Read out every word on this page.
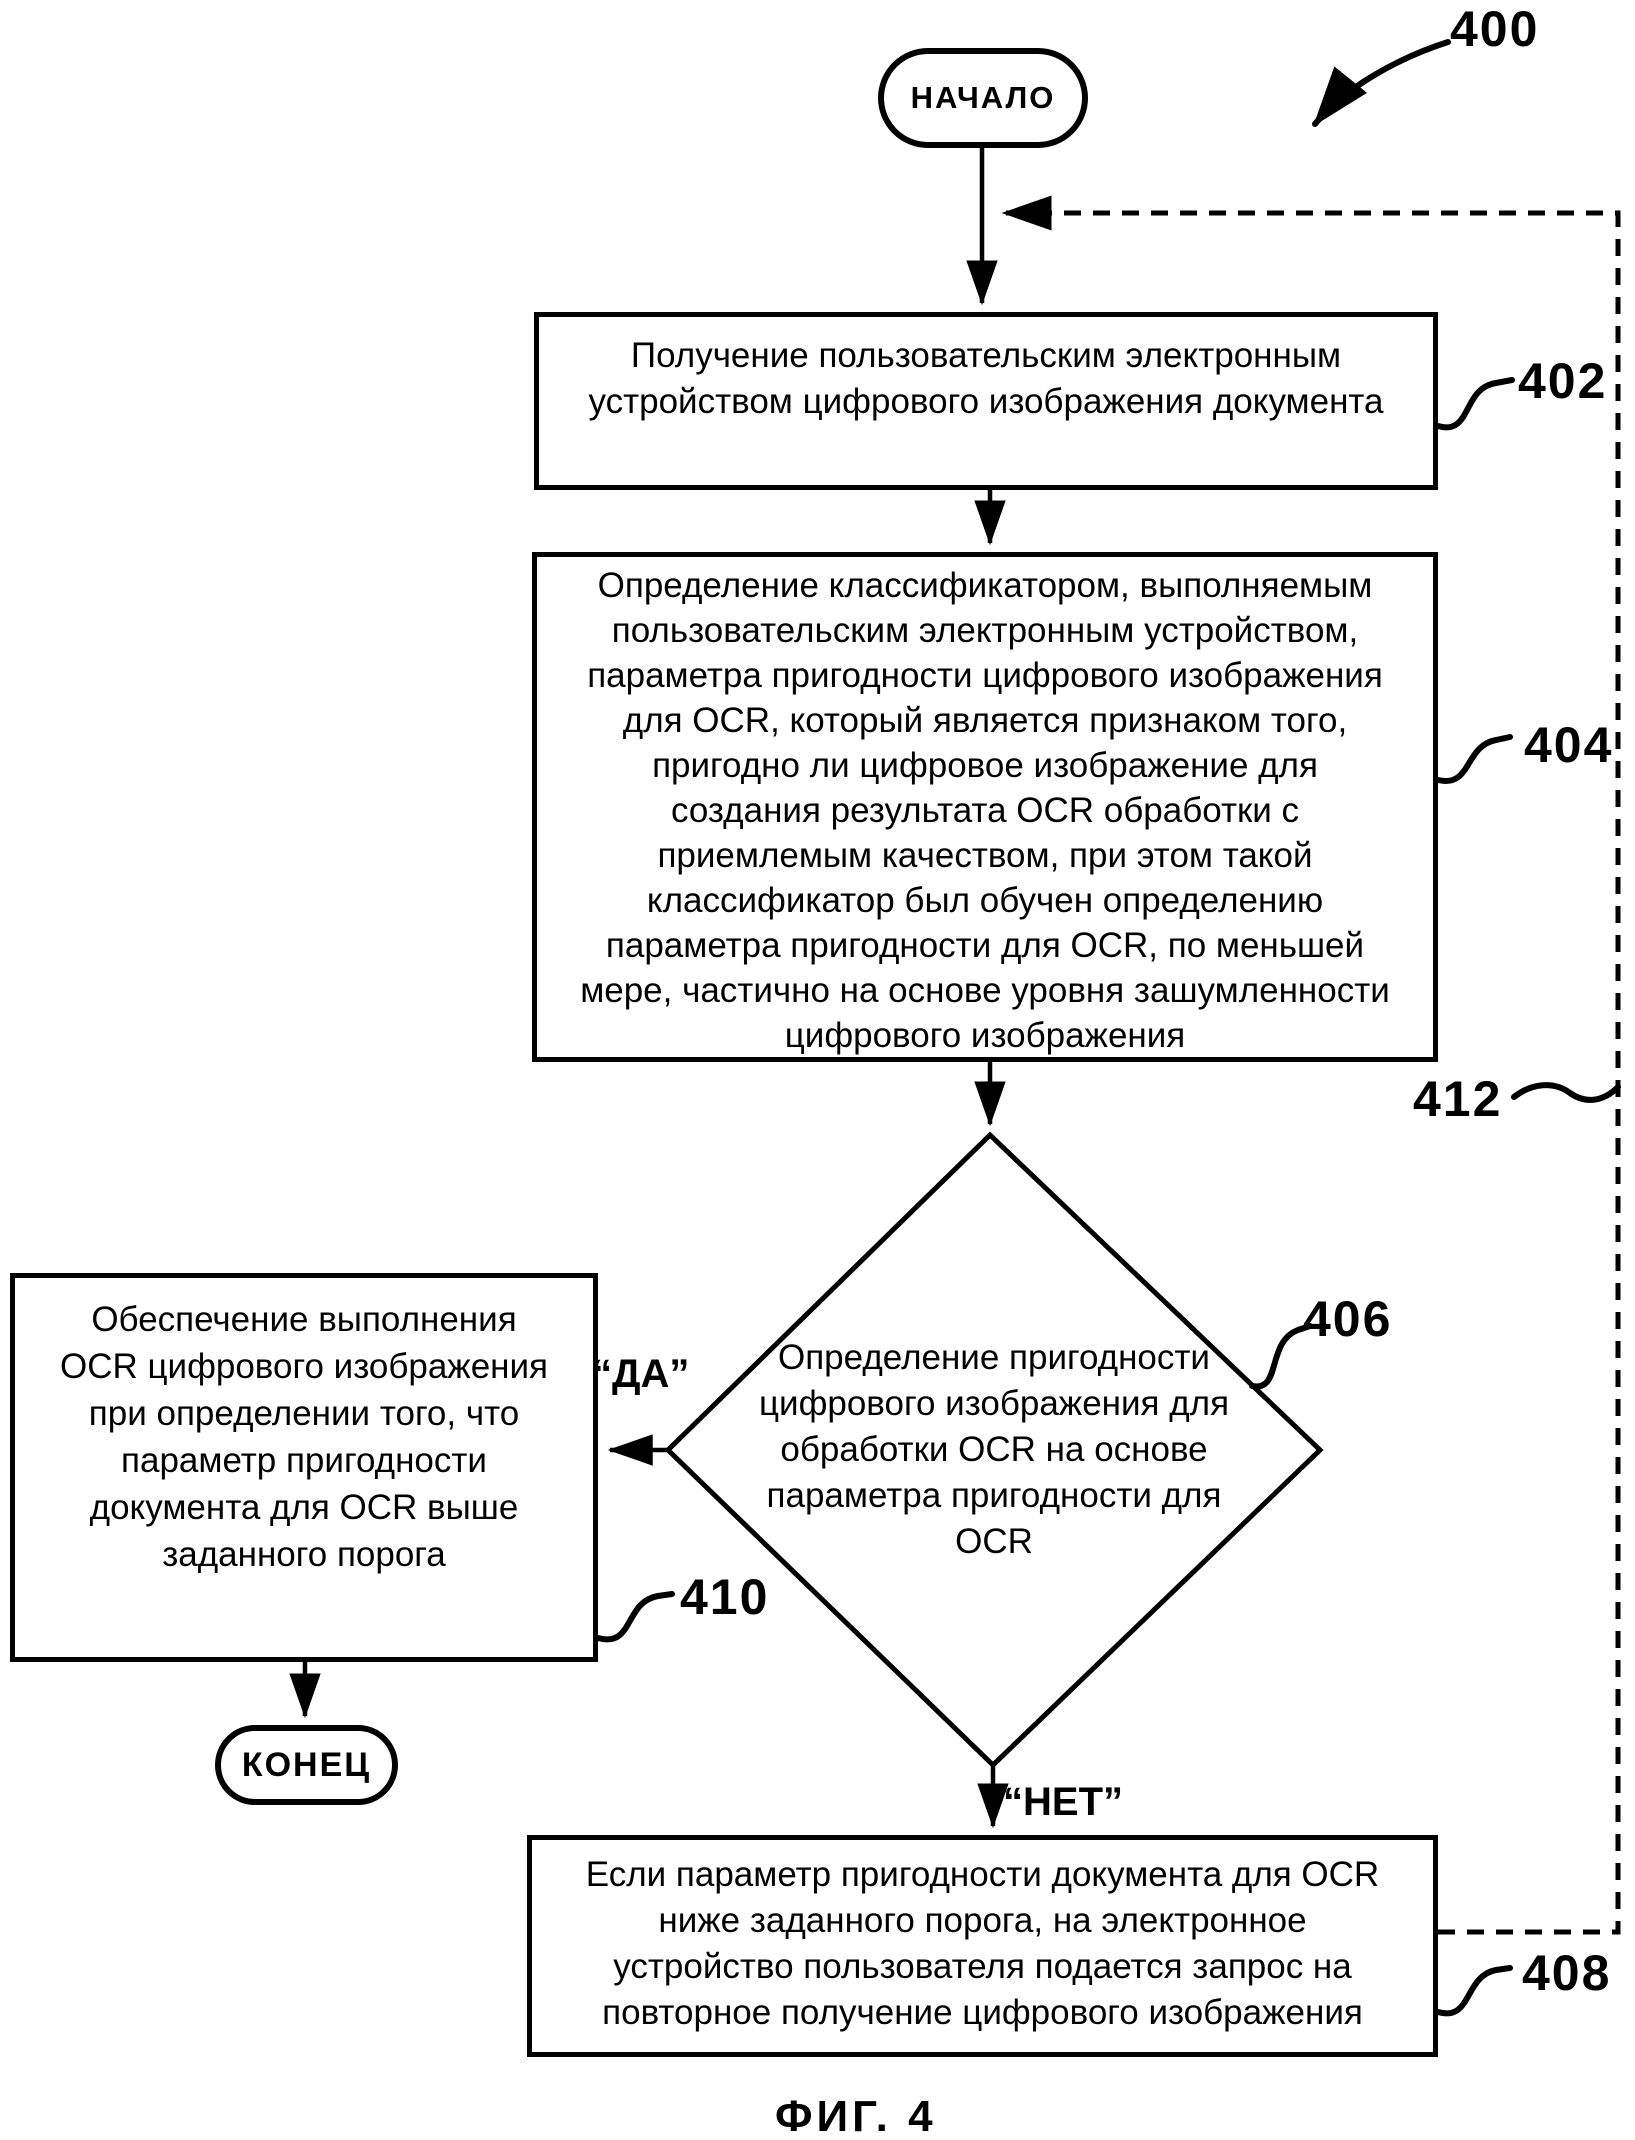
НАЧАЛО
Получение пользовательским электронным
устройством цифрового изображения документа
Определение классификатором, выполняемым
пользовательским электронным устройством,
параметра пригодности цифрового изображения
для OCR, который является признаком того,
пригодно ли цифровое изображение для
создания результата OCR обработки с
приемлемым качеством, при этом такой
классификатор был обучен определению
параметра пригодности для OCR, по меньшей
мере, частично на основе уровня зашумленности
цифрового изображения
Определение пригодности
цифрового изображения для
обработки OCR на основе
параметра пригодности для
OCR
Обеспечение выполнения
OCR цифрового изображения
при определении того, что
параметр пригодности
документа для OCR выше
заданного порога
Если параметр пригодности документа для OCR
ниже заданного порога, на электронное
устройство пользователя подается запрос на
повторное получение цифрового изображения
КОНЕЦ
“ДА”
“НЕТ”
400
402
404
406
410
408
412
ФИГ. 4
